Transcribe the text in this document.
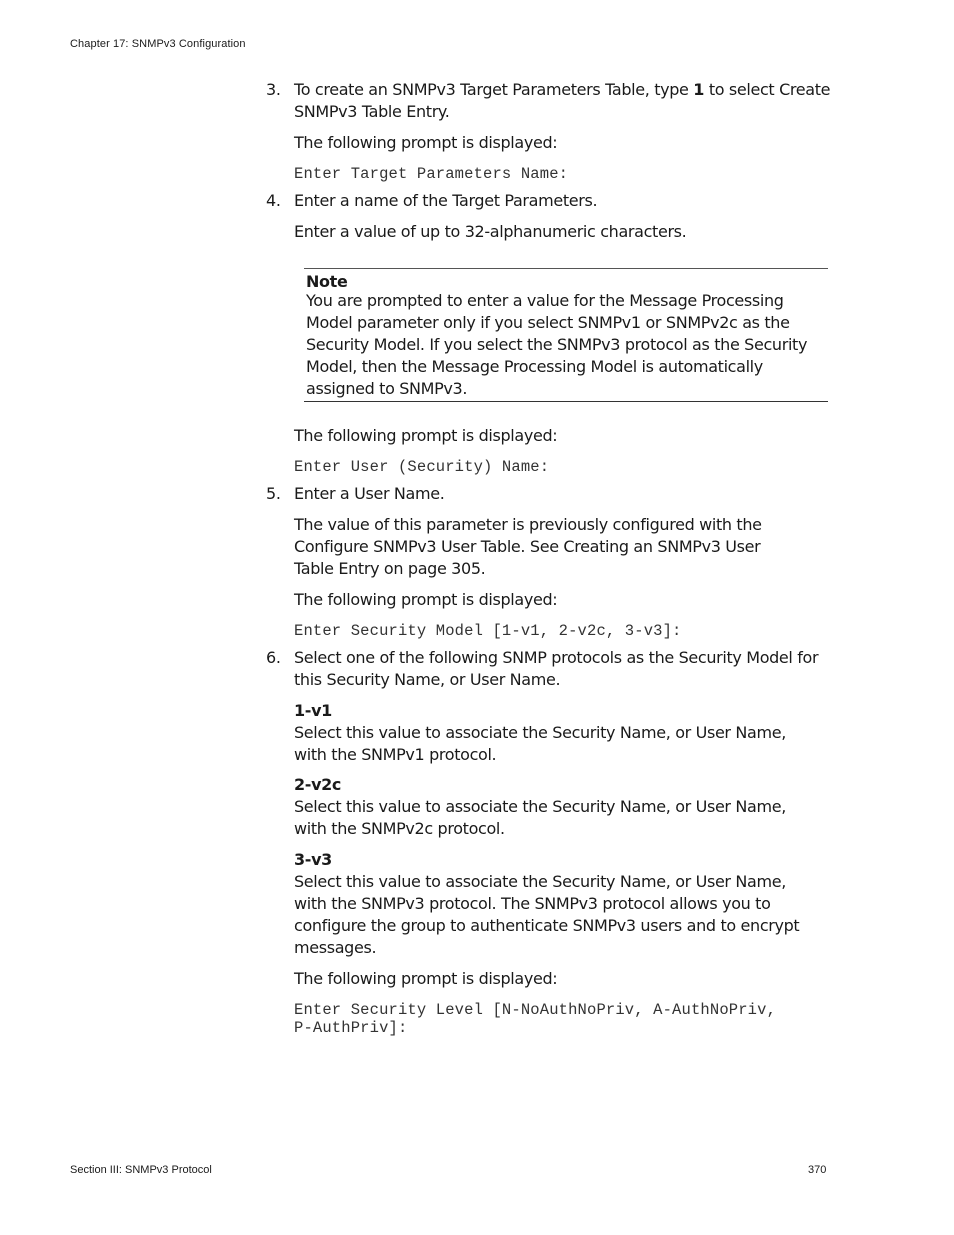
Chapter 17: SNMPv3 Configuration
3. To create an SNMPv3 Target Parameters Table, type 1 to select Create
SNMPv3 Table Entry.
The following prompt is displayed:
Enter Target Parameters Name:
4. Enter a name of the Target Parameters.
Enter a value of up to 32-alphanumeric characters.
Note
You are prompted to enter a value for the Message Processing
Model parameter only if you select SNMPv1 or SNMPv2c as the
Security Model. If you select the SNMPv3 protocol as the Security
Model, then the Message Processing Model is automatically
assigned to SNMPv3.
The following prompt is displayed:
Enter User (Security) Name:
5. Enter a User Name.
The value of this parameter is previously configured with the
Configure SNMPv3 User Table. See Creating an SNMPv3 User
Table Entry on page 305.
The following prompt is displayed:
Enter Security Model [1-v1, 2-v2c, 3-v3]:
6. Select one of the following SNMP protocols as the Security Model for
this Security Name, or User Name.
1-v1
Select this value to associate the Security Name, or User Name,
with the SNMPv1 protocol.
2-v2c
Select this value to associate the Security Name, or User Name,
with the SNMPv2c protocol.
3-v3
Select this value to associate the Security Name, or User Name,
with the SNMPv3 protocol. The SNMPv3 protocol allows you to
configure the group to authenticate SNMPv3 users and to encrypt
messages.
The following prompt is displayed:
Enter Security Level [N-NoAuthNoPriv, A-AuthNoPriv,
P-AuthPriv]:
Section III: SNMPv3 Protocol	370
